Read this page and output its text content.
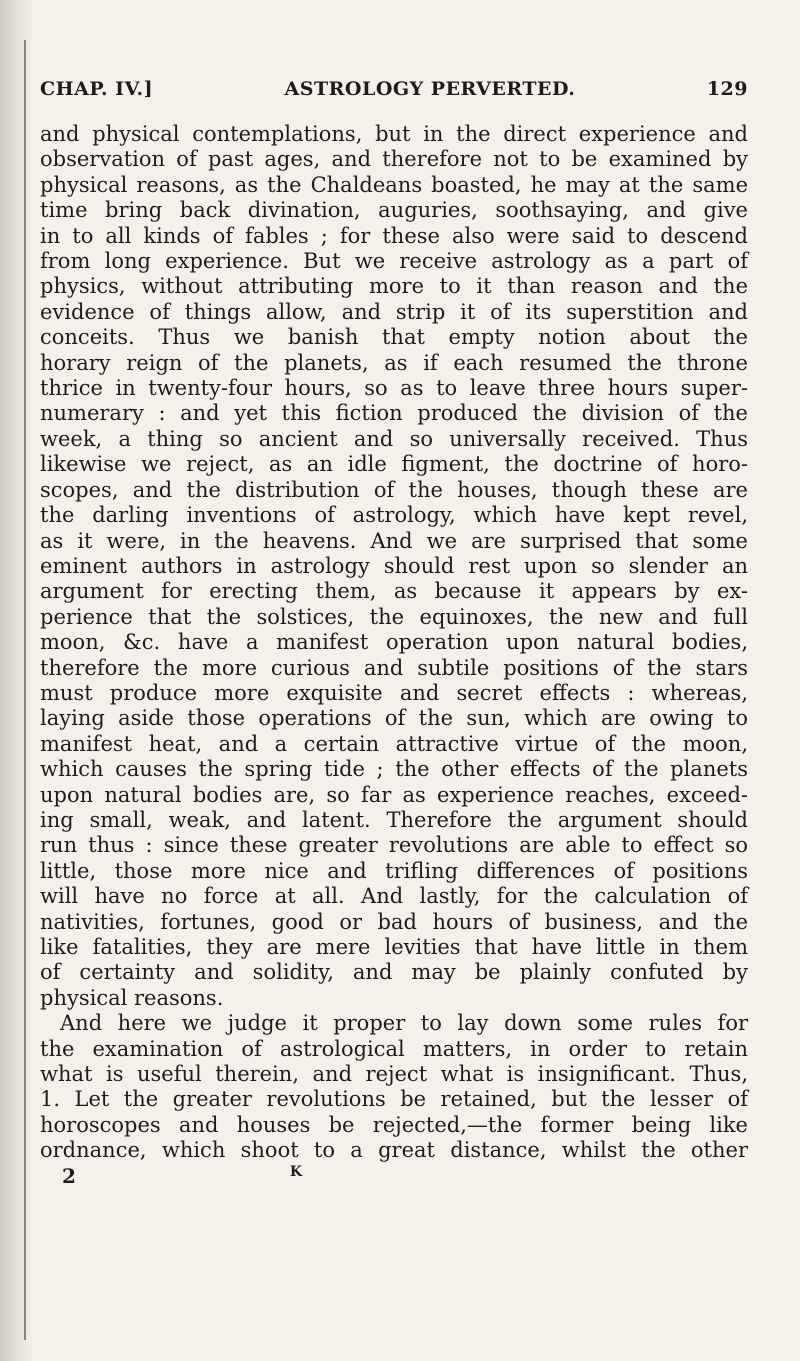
CHAP. IV.]	ASTROLOGY PERVERTED.	129
and physical contemplations, but in the direct experience and
observation of past ages, and therefore not to be examined by
physical reasons, as the Chaldeans boasted, he may at the same
time bring back divination, auguries, soothsaying, and give
in to all kinds of fables ; for these also were said to descend
from long experience. But we receive astrology as a part of
physics, without attributing more to it than reason and the
evidence of things allow, and strip it of its superstition and
conceits. Thus we banish that empty notion about the
horary reign of the planets, as if each resumed the throne
thrice in twenty-four hours, so as to leave three hours super-
numerary : and yet this fiction produced the division of the
week, a thing so ancient and so universally received. Thus
likewise we reject, as an idle figment, the doctrine of horo-
scopes, and the distribution of the houses, though these are
the darling inventions of astrology, which have kept revel,
as it were, in the heavens. And we are surprised that some
eminent authors in astrology should rest upon so slender an
argument for erecting them, as because it appears by ex-
perience that the solstices, the equinoxes, the new and full
moon, &c. have a manifest operation upon natural bodies,
therefore the more curious and subtile positions of the stars
must produce more exquisite and secret effects : whereas,
laying aside those operations of the sun, which are owing to
manifest heat, and a certain attractive virtue of the moon,
which causes the spring tide ; the other effects of the planets
upon natural bodies are, so far as experience reaches, exceed-
ing small, weak, and latent. Therefore the argument should
run thus : since these greater revolutions are able to effect so
little, those more nice and trifling differences of positions
will have no force at all. And lastly, for the calculation of
nativities, fortunes, good or bad hours of business, and the
like fatalities, they are mere levities that have little in them
of certainty and solidity, and may be plainly confuted by
physical reasons.
And here we judge it proper to lay down some rules for
the examination of astrological matters, in order to retain
what is useful therein, and reject what is insignificant. Thus,
1. Let the greater revolutions be retained, but the lesser of
horoscopes and houses be rejected,—the former being like
ordnance, which shoot to a great distance, whilst the other
2	K
